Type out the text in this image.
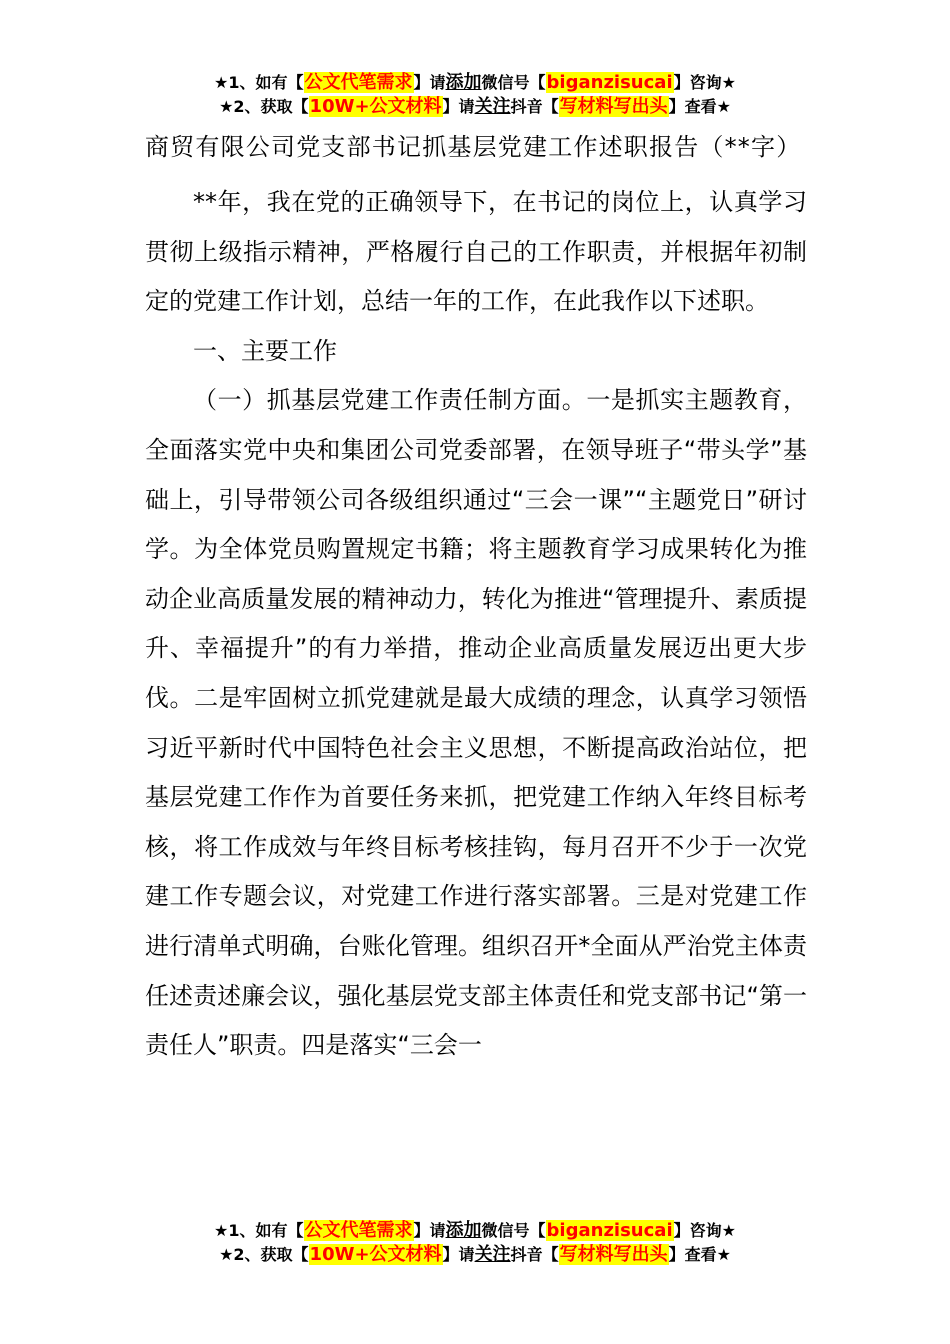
★1、如有【公文代笔需求】请添加微信号【biganzisucai】咨询★
★2、获取【10W+公文材料】请关注抖音【写材料写出头】查看★
商贸有限公司党支部书记抓基层党建工作述职报告（**字）

**年，我在党的正确领导下，在书记的岗位上，认真学习贯彻上级指示精神，严格履行自己的工作职责，并根据年初制定的党建工作计划，总结一年的工作，在此我作以下述职。

一、主要工作

（一）抓基层党建工作责任制方面。一是抓实主题教育，全面落实党中央和集团公司党委部署，在领导班子“带头学”基础上，引导带领公司各级组织通过“三会一课”“主题党日”研讨学。为全体党员购置规定书籍；将主题教育学习成果转化为推动企业高质量发展的精神动力，转化为推进“管理提升、素质提升、幸福提升”的有力举措，推动企业高质量发展迈出更大步伐。二是牢固树立抓党建就是最大成绩的理念，认真学习领悟习近平新时代中国特色社会主义思想，不断提高政治站位，把基层党建工作作为首要任务来抓，把党建工作纳入年终目标考核，将工作成效与年终目标考核挂钩，每月召开不少于一次党建工作专题会议，对党建工作进行落实部署。三是对党建工作进行清单式明确，台账化管理。组织召开*全面从严治党主体责任述责述廉会议，强化基层党支部主体责任和党支部书记“第一责任人”职责。四是落实“三会一

★1、如有【公文代笔需求】请添加微信号【biganzisucai】咨询★
★2、获取【10W+公文材料】请关注抖音【写材料写出头】查看★
